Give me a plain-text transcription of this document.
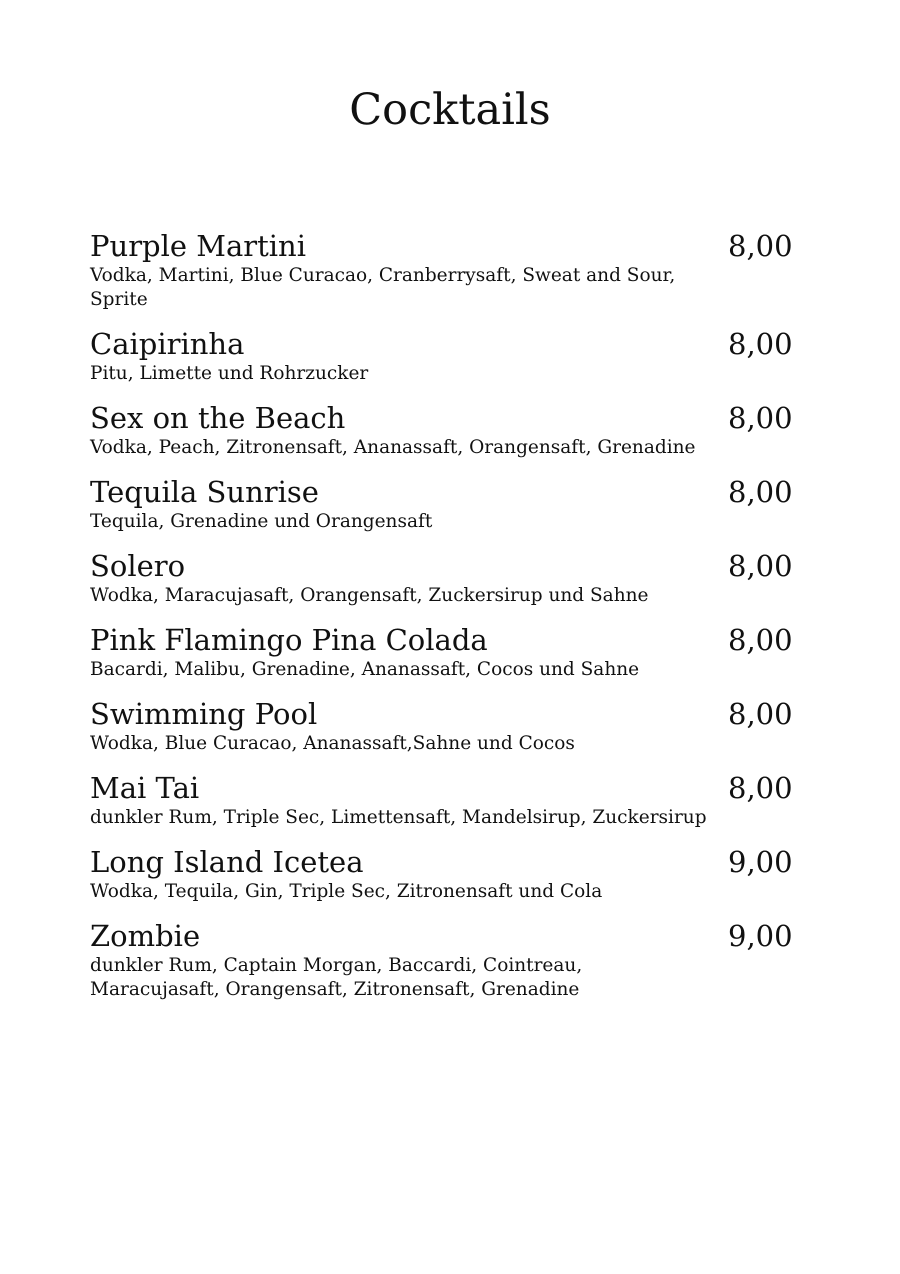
Cocktails
Purple Martini	8,00
Vodka, Martini, Blue Curacao, Cranberrysaft, Sweat and Sour, Sprite
Caipirinha	8,00
Pitu, Limette und Rohrzucker
Sex on the Beach	8,00
Vodka, Peach, Zitronensaft, Ananassaft, Orangensaft, Grenadine
Tequila Sunrise	8,00
Tequila, Grenadine und Orangensaft
Solero	8,00
Wodka, Maracujasaft, Orangensaft, Zuckersirup und Sahne
Pink Flamingo Pina Colada	8,00
Bacardi, Malibu, Grenadine, Ananassaft, Cocos und Sahne
Swimming Pool	8,00
Wodka, Blue Curacao, Ananassaft,Sahne und Cocos
Mai Tai	8,00
dunkler Rum, Triple Sec, Limettensaft, Mandelsirup, Zuckersirup
Long Island Icetea	9,00
Wodka, Tequila, Gin, Triple Sec, Zitronensaft und Cola
Zombie	9,00
dunkler Rum, Captain Morgan, Baccardi, Cointreau, Maracujasaft, Orangensaft, Zitronensaft, Grenadine
